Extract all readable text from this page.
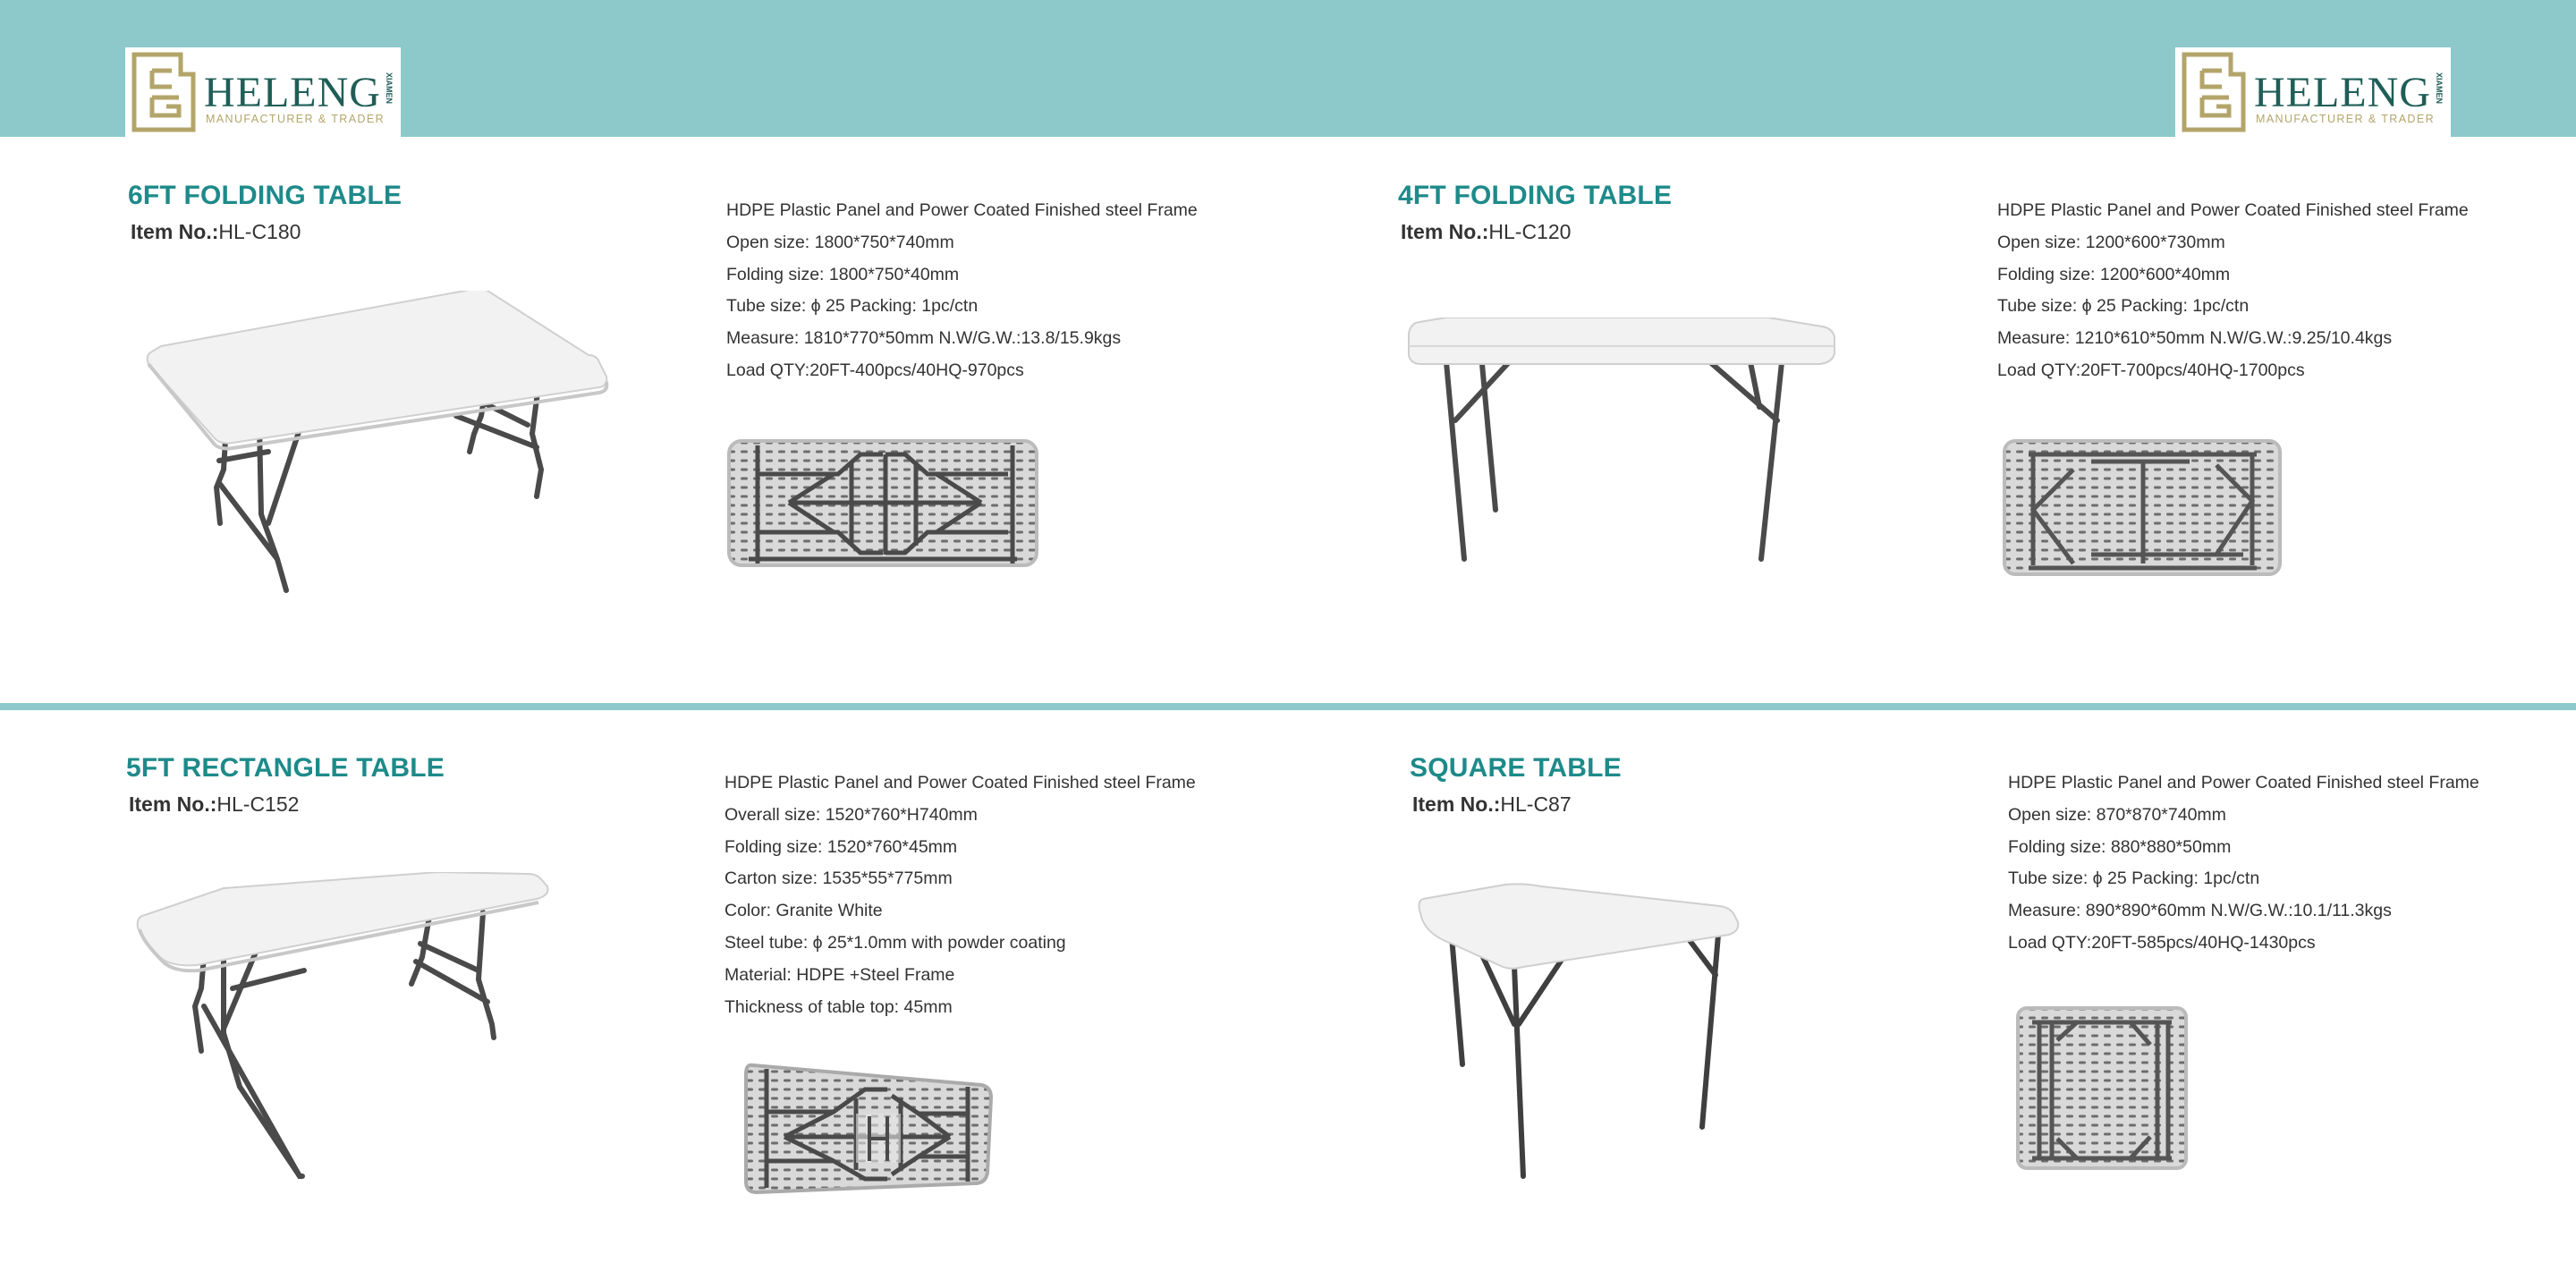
HELENG XIAMEN
MANUFACTURER & TRADER
HELENG XIAMEN
MANUFACTURER & TRADER
6FT FOLDING TABLE
Item No.:HL-C180
HDPE Plastic Panel and Power Coated Finished steel Frame
Open size: 1800*750*740mm
Folding size: 1800*750*40mm
Tube size: ϕ 25 Packing: 1pc/ctn
Measure: 1810*770*50mm N.W/G.W.:13.8/15.9kgs
Load QTY:20FT-400pcs/40HQ-970pcs
4FT FOLDING TABLE
Item No.:HL-C120
HDPE Plastic Panel and Power Coated Finished steel Frame
Open size: 1200*600*730mm
Folding size: 1200*600*40mm
Tube size: ϕ 25 Packing: 1pc/ctn
Measure: 1210*610*50mm N.W/G.W.:9.25/10.4kgs
Load QTY:20FT-700pcs/40HQ-1700pcs
5FT RECTANGLE TABLE
Item No.:HL-C152
HDPE Plastic Panel and Power Coated Finished steel Frame
Overall size: 1520*760*H740mm
Folding size: 1520*760*45mm
Carton size: 1535*55*775mm
Color: Granite White
Steel tube: ϕ 25*1.0mm with powder coating
Material: HDPE +Steel Frame
Thickness of table top: 45mm
SQUARE TABLE
Item No.:HL-C87
HDPE Plastic Panel and Power Coated Finished steel Frame
Open size: 870*870*740mm
Folding size: 880*880*50mm
Tube size: ϕ 25 Packing: 1pc/ctn
Measure: 890*890*60mm N.W/G.W.:10.1/11.3kgs
Load QTY:20FT-585pcs/40HQ-1430pcs
